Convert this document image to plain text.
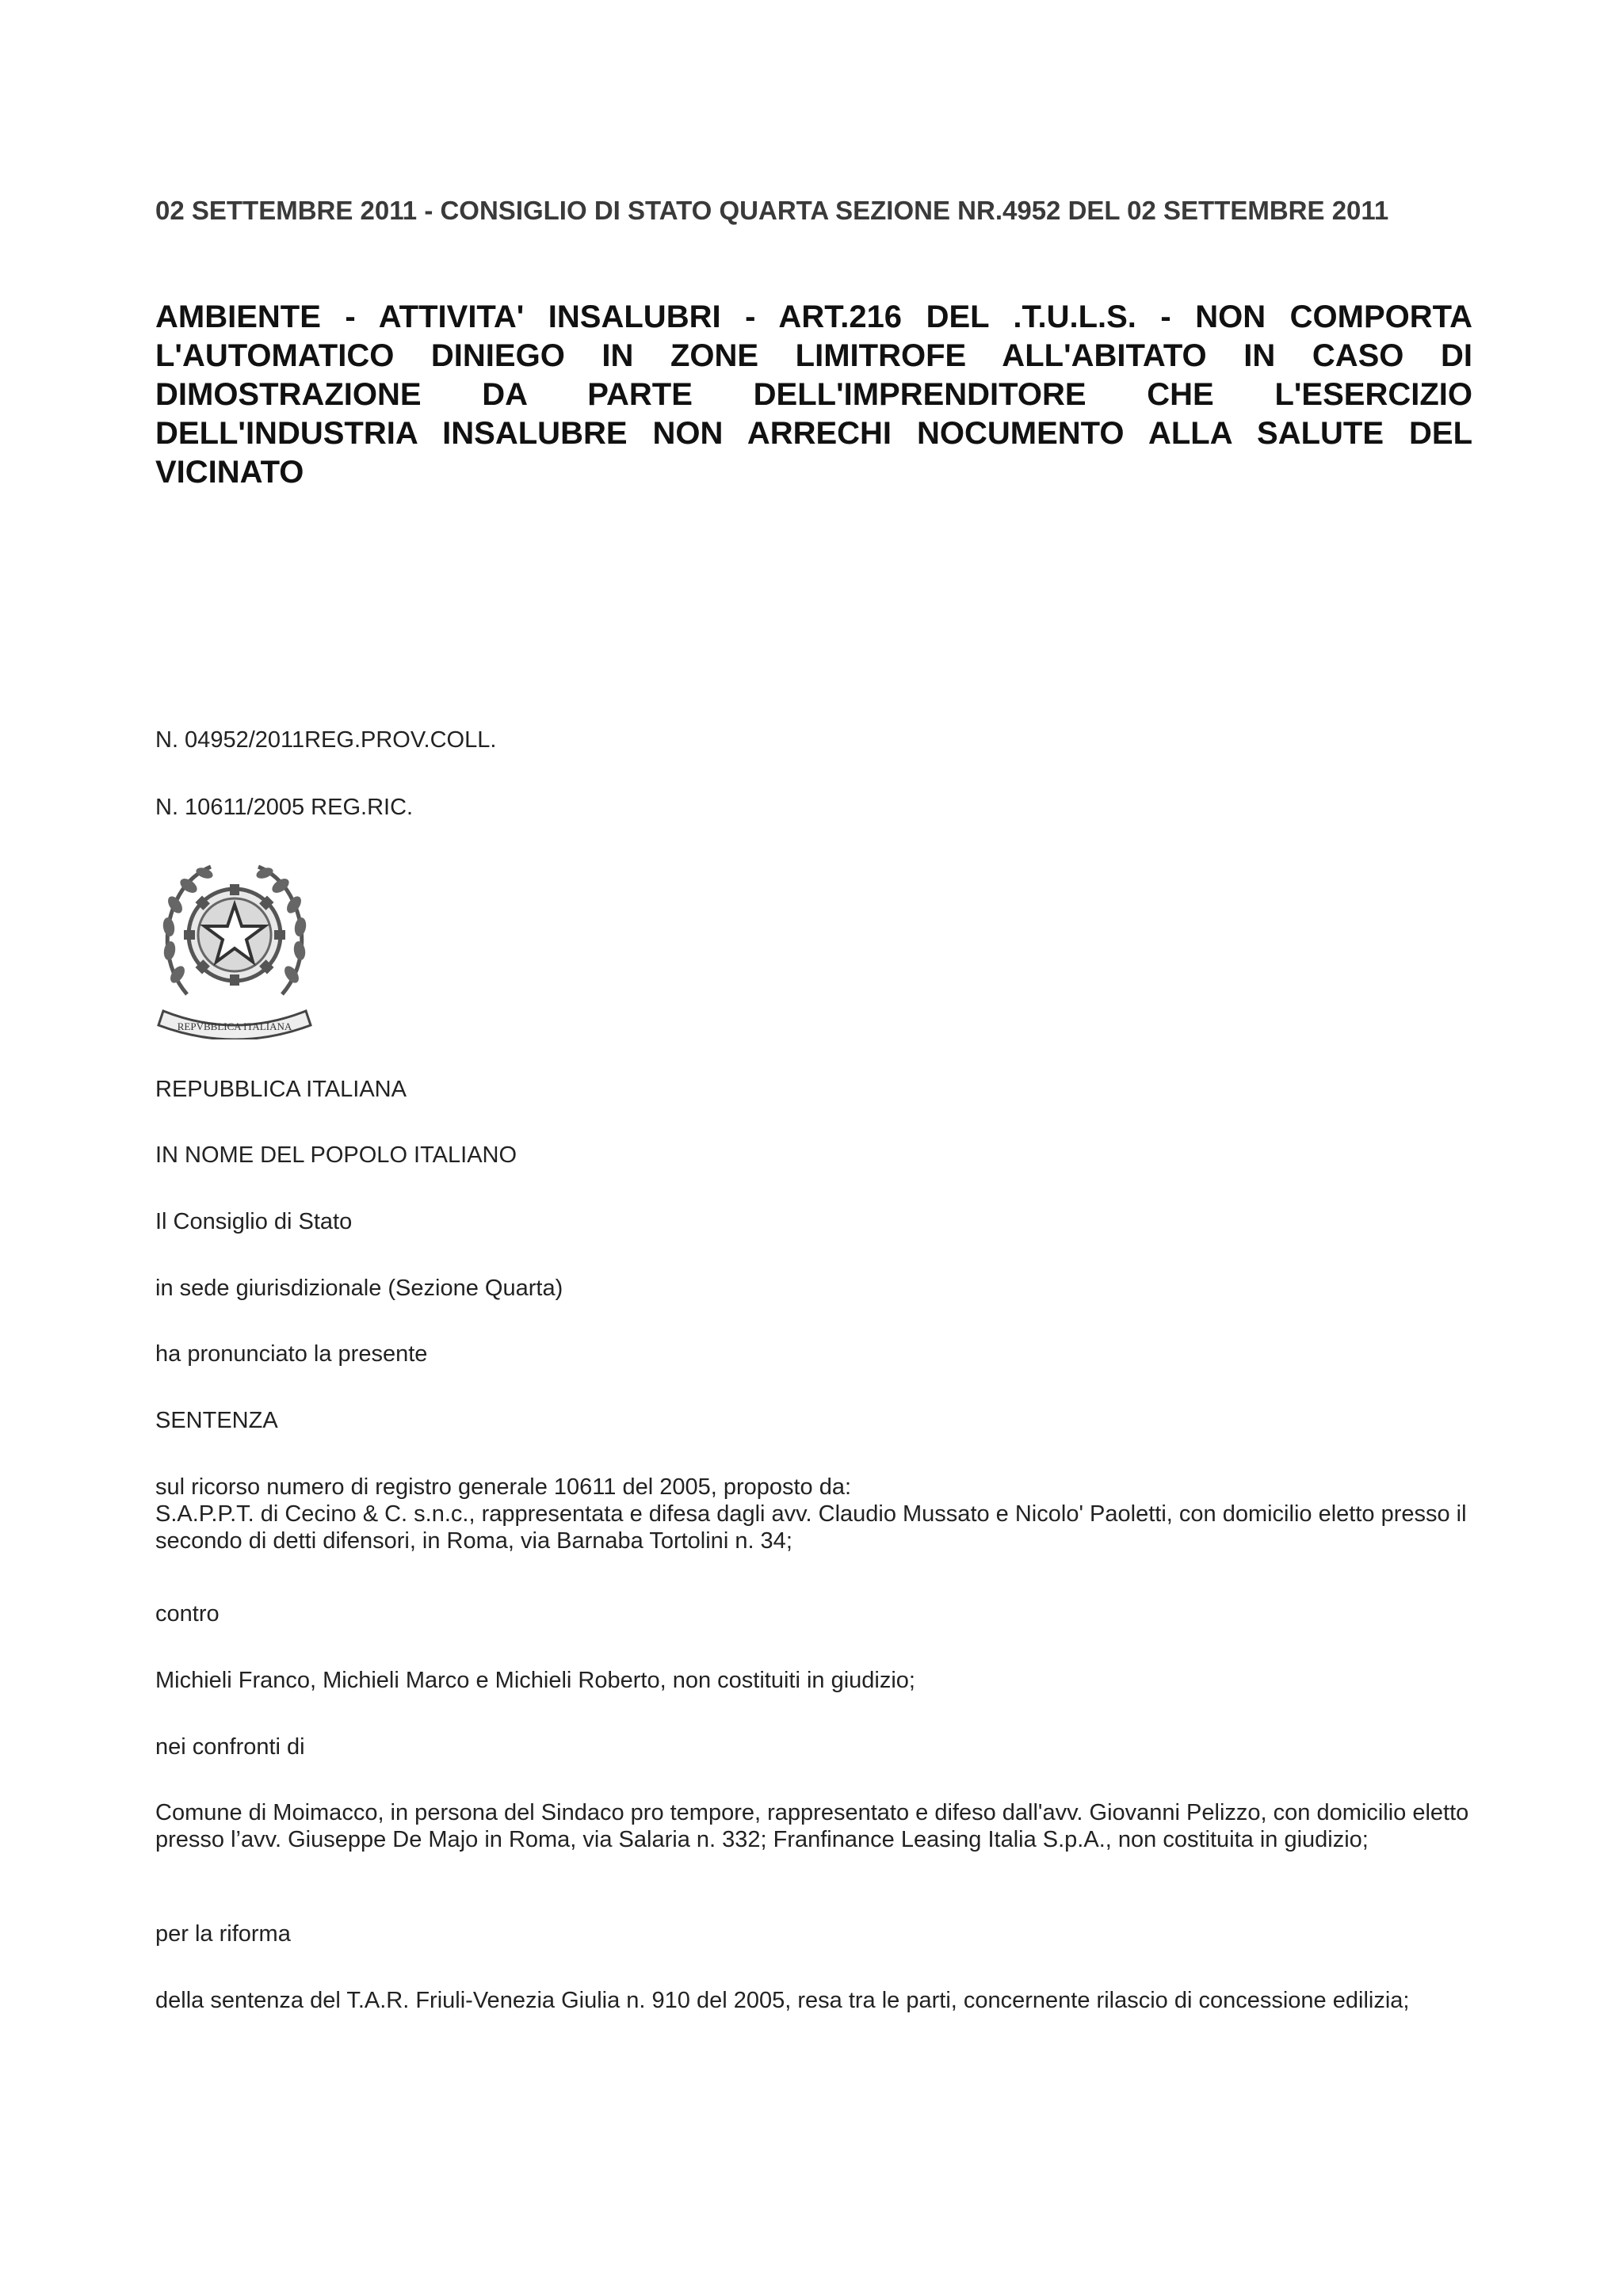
02 SETTEMBRE 2011 - CONSIGLIO DI STATO QUARTA SEZIONE NR.4952 DEL 02 SETTEMBRE 2011
AMBIENTE - ATTIVITA' INSALUBRI - ART.216 DEL .T.U.L.S. - NON COMPORTA L'AUTOMATICO DINIEGO IN ZONE LIMITROFE ALL'ABITATO IN CASO DI DIMOSTRAZIONE DA PARTE DELL'IMPRENDITORE CHE L'ESERCIZIO DELL'INDUSTRIA INSALUBRE NON ARRECHI NOCUMENTO ALLA SALUTE DEL VICINATO
N. 04952/2011REG.PROV.COLL.
N. 10611/2005 REG.RIC.
REPVBBLICA ITALIANA
REPUBBLICA ITALIANA
IN NOME DEL POPOLO ITALIANO
Il Consiglio di Stato
in sede giurisdizionale (Sezione Quarta)
ha pronunciato la presente
SENTENZA
sul ricorso numero di registro generale 10611 del 2005, proposto da:
S.A.P.P.T. di Cecino & C. s.n.c., rappresentata e difesa dagli avv. Claudio Mussato e Nicolo' Paoletti, con domicilio eletto presso il secondo di detti difensori, in Roma, via Barnaba Tortolini n. 34;
contro
Michieli Franco, Michieli Marco e Michieli Roberto, non costituiti in giudizio;
nei confronti di
Comune di Moimacco, in persona del Sindaco pro tempore, rappresentato e difeso dall'avv. Giovanni Pelizzo, con domicilio eletto presso l’avv. Giuseppe De Majo in Roma, via Salaria n. 332; Franfinance Leasing Italia S.p.A., non costituita in giudizio;
per la riforma
della sentenza del T.A.R. Friuli-Venezia Giulia n. 910 del 2005, resa tra le parti, concernente rilascio di concessione edilizia;
